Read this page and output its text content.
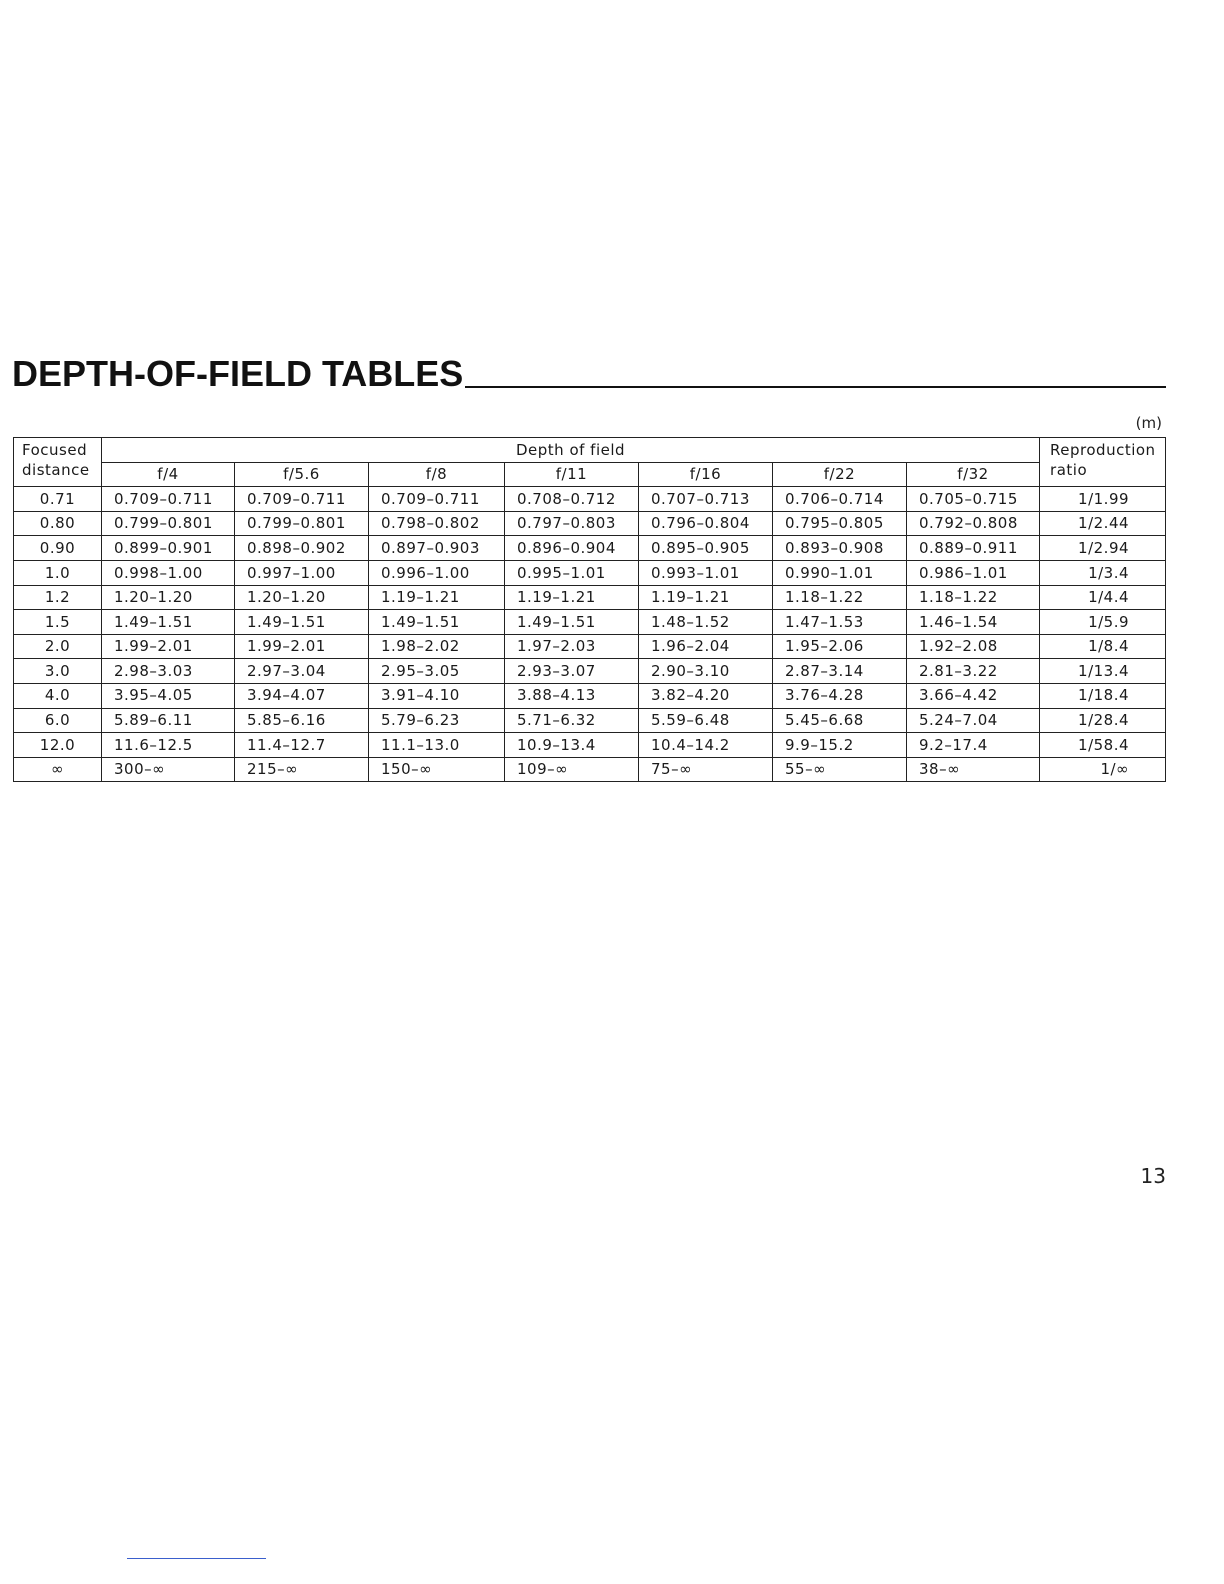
DEPTH-OF-FIELD TABLES
(m)
Focused
distance	Depth of field							Reproduction
ratio
	f/4	f/5.6	f/8	f/11	f/16	f/22	f/32	
0.71	0.709–0.711	0.709–0.711	0.709–0.711	0.708–0.712	0.707–0.713	0.706–0.714	0.705–0.715	1/1.99
0.80	0.799–0.801	0.799–0.801	0.798–0.802	0.797–0.803	0.796–0.804	0.795–0.805	0.792–0.808	1/2.44
0.90	0.899–0.901	0.898–0.902	0.897–0.903	0.896–0.904	0.895–0.905	0.893–0.908	0.889–0.911	1/2.94
1.0	0.998–1.00	0.997–1.00	0.996–1.00	0.995–1.01	0.993–1.01	0.990–1.01	0.986–1.01	1/3.4
1.2	1.20–1.20	1.20–1.20	1.19–1.21	1.19–1.21	1.19–1.21	1.18–1.22	1.18–1.22	1/4.4
1.5	1.49–1.51	1.49–1.51	1.49–1.51	1.49–1.51	1.48–1.52	1.47–1.53	1.46–1.54	1/5.9
2.0	1.99–2.01	1.99–2.01	1.98–2.02	1.97–2.03	1.96–2.04	1.95–2.06	1.92–2.08	1/8.4
3.0	2.98–3.03	2.97–3.04	2.95–3.05	2.93–3.07	2.90–3.10	2.87–3.14	2.81–3.22	1/13.4
4.0	3.95–4.05	3.94–4.07	3.91–4.10	3.88–4.13	3.82–4.20	3.76–4.28	3.66–4.42	1/18.4
6.0	5.89–6.11	5.85–6.16	5.79–6.23	5.71–6.32	5.59–6.48	5.45–6.68	5.24–7.04	1/28.4
12.0	11.6–12.5	11.4–12.7	11.1–13.0	10.9–13.4	10.4–14.2	9.9–15.2	9.2–17.4	1/58.4
∞	300–∞	215–∞	150–∞	109–∞	75–∞	55–∞	38–∞	1/∞
13
